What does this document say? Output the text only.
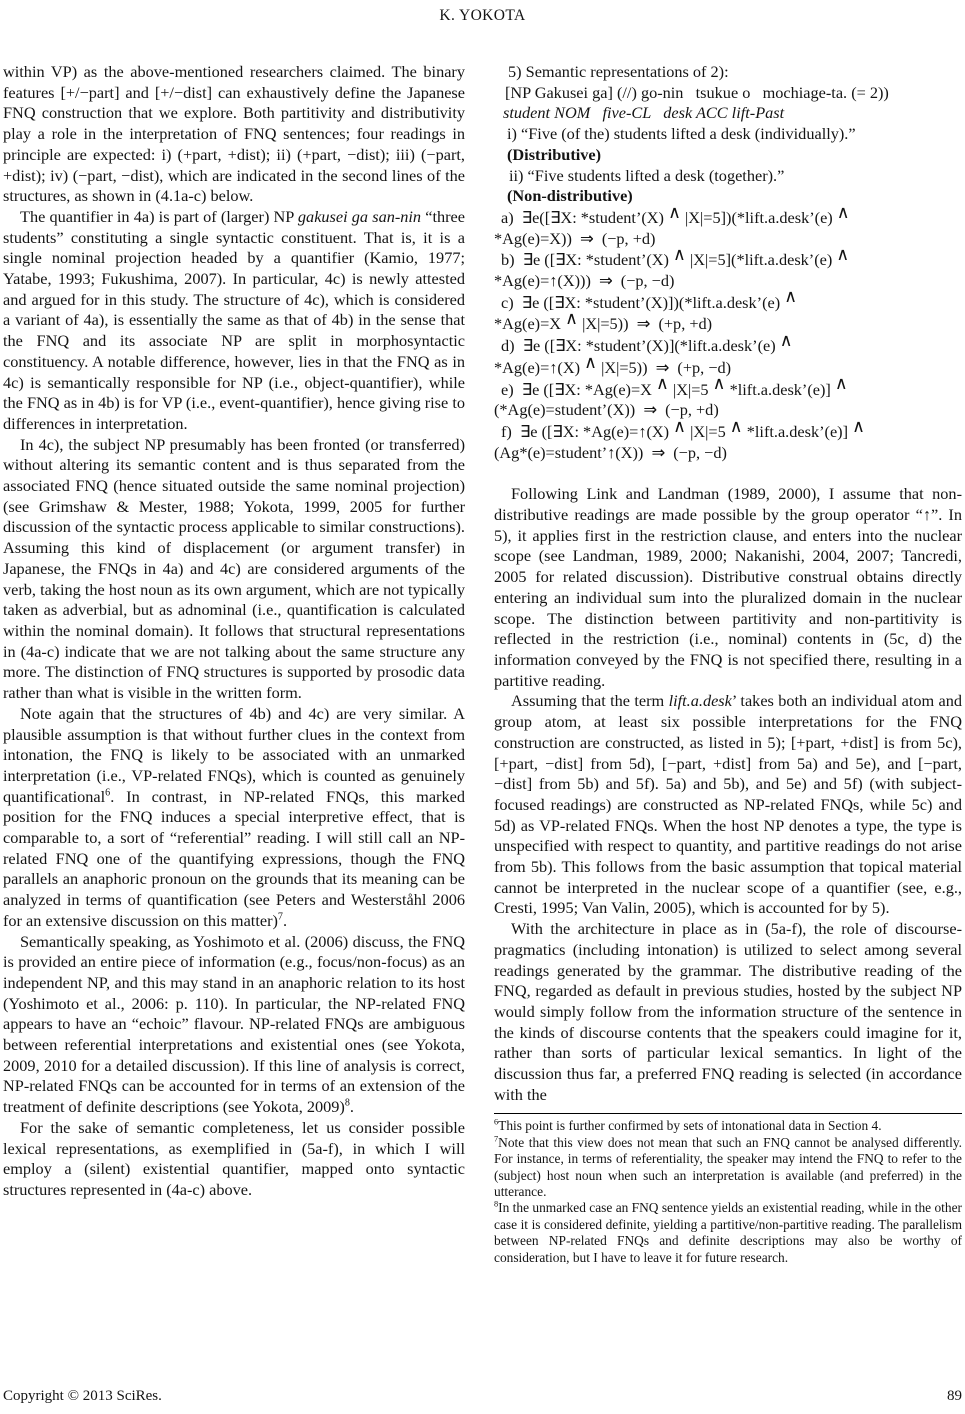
K. YOKOTA

within VP) as the above-mentioned researchers claimed. The binary features [+/−part] and [+/−dist] can exhaustively define the Japanese FNQ construction that we explore. Both partitivity and distributivity play a role in the interpretation of FNQ sentences; four readings in principle are expected: i) (+part, +dist); ii) (+part, −dist); iii) (−part, +dist); iv) (−part, −dist), which are indicated in the second lines of the structures, as shown in (4.1a-c) below.

The quantifier in 4a) is part of (larger) NP gakusei ga san-nin “three students” constituting a single syntactic constituent. That is, it is a single nominal projection headed by a quantifier (Kamio, 1977; Yatabe, 1993; Fukushima, 2007). In particular, 4c) is newly attested and argued for in this study. The structure of 4c), which is considered a variant of 4a), is essentially the same as that of 4b) in the sense that the FNQ and its associate NP are split in morphosyntactic constituency. A notable difference, however, lies in that the FNQ as in 4c) is semantically responsible for NP (i.e., object-quantifier), while the FNQ as in 4b) is for VP (i.e., event-quantifier), hence giving rise to differences in interpretation.

In 4c), the subject NP presumably has been fronted (or transferred) without altering its semantic content and is thus separated from the associated FNQ (hence situated outside the same nominal projection) (see Grimshaw & Mester, 1988; Yokota, 1999, 2005 for further discussion of the syntactic process applicable to similar constructions). Assuming this kind of displacement (or argument transfer) in Japanese, the FNQs in 4a) and 4c) are considered arguments of the verb, taking the host noun as its own argument, which are not typically taken as adverbial, but as adnominal (i.e., quantification is calculated within the nominal domain). It follows that structural representations in (4a-c) indicate that we are not talking about the same structure any more. The distinction of FNQ structures is supported by prosodic data rather than what is visible in the written form.

Note again that the structures of 4b) and 4c) are very similar. A plausible assumption is that without further clues in the context from intonation, the FNQ is likely to be associated with an unmarked interpretation (i.e., VP-related FNQs), which is counted as genuinely quantificational$^6$. In contrast, in NP-related FNQs, this marked position for the FNQ induces a special interpretive effect, that is comparable to, a sort of “referential” reading. I will still call an NP-related FNQ one of the quantifying expressions, though the FNQ parallels an anaphoric pronoun on the grounds that its meaning can be analyzed in terms of quantification (see Peters and Westerståhl 2006 for an extensive discussion on this matter)$^7$.

Semantically speaking, as Yoshimoto et al. (2006) discuss, the FNQ is provided an entire piece of information (e.g., focus/non-focus) as an independent NP, and this may stand in an anaphoric relation to its host (Yoshimoto et al., 2006: p. 110). In particular, the NP-related FNQ appears to have an “echoic” flavour. NP-related FNQs are ambiguous between referential interpretations and existential ones (see Yokota, 2009, 2010 for a detailed discussion). If this line of analysis is correct, NP-related FNQs can be accounted for in terms of an extension of the treatment of definite descriptions (see Yokota, 2009)$^8$.

For the sake of semantic completeness, let us consider possible lexical representations, as exemplified in (5a-f), in which I will employ a (silent) existential quantifier, mapped onto syntactic structures represented in (4a-c) above.

5) Semantic representations of 2):
[NP Gakusei ga] (//) go-nin   tsukue o   mochiage-ta. (= 2))
student NOM   five-CL   desk ACC lift-Past
i) “Five (of the) students lifted a desk (individually).”
(Distributive)
ii) “Five students lifted a desk (together).”
(Non-distributive)
a)  ∃e([∃X: *student’(X) ∧ |X|=5])(*lift.a.desk’(e) ∧
*Ag(e)=X))  ⇒  (−p, +d)
b)  ∃e ([∃X: *student’(X) ∧ |X|=5](*lift.a.desk’(e) ∧
*Ag(e)=↑(X)))  ⇒  (−p, −d)
c)  ∃e ([∃X: *student’(X)])(*lift.a.desk’(e) ∧
*Ag(e)=X ∧ |X|=5))  ⇒  (+p, +d)
d)  ∃e ([∃X: *student’(X)](*lift.a.desk’(e) ∧
*Ag(e)=↑(X) ∧ |X|=5))  ⇒  (+p, −d)
e)  ∃e ([∃X: *Ag(e)=X ∧ |X|=5 ∧ *lift.a.desk’(e)] ∧
(*Ag(e)=student’(X))  ⇒  (−p, +d)
f)  ∃e ([∃X: *Ag(e)=↑(X) ∧ |X|=5 ∧ *lift.a.desk’(e)] ∧
(Ag*(e)=student’↑(X))  ⇒  (−p, −d)

Following Link and Landman (1989, 2000), I assume that non-distributive readings are made possible by the group operator “↑”. In 5), it applies first in the restriction clause, and enters into the nuclear scope (see Landman, 1989, 2000; Nakanishi, 2004, 2007; Tancredi, 2005 for related discussion). Distributive construal obtains directly entering an individual sum into the pluralized domain in the nuclear scope. The distinction between partitivity and non-partitivity is reflected in the restriction (i.e., nominal) contents in (5c, d) the information conveyed by the FNQ is not specified there, resulting in a partitive reading.

Assuming that the term lift.a.desk’ takes both an individual atom and group atom, at least six possible interpretations for the FNQ construction are constructed, as listed in 5); [+part, +dist] is from 5c), [+part, −dist] from 5d), [−part, +dist] from 5a) and 5e), and [−part, −dist] from 5b) and 5f). 5a) and 5b), and 5e) and 5f) (with subject-focused readings) are constructed as NP-related FNQs, while 5c) and 5d) as VP-related FNQs. When the host NP denotes a type, the type is unspecified with respect to quantity, and partitive readings do not arise from 5b). This follows from the basic assumption that topical material cannot be interpreted in the nuclear scope of a quantifier (see, e.g., Cresti, 1995; Van Valin, 2005), which is accounted for by 5).

With the architecture in place as in (5a-f), the role of discourse-pragmatics (including intonation) is utilized to select among several readings generated by the grammar. The distributive reading of the FNQ, regarded as default in previous studies, hosted by the subject NP would simply follow from the information structure of the sentence in the kinds of discourse contents that the speakers could imagine for it, rather than sorts of particular lexical semantics. In light of the discussion thus far, a preferred FNQ reading is selected (in accordance with the

$^6$This point is further confirmed by sets of intonational data in Section 4.

$^7$Note that this view does not mean that such an FNQ cannot be analysed differently. For instance, in terms of referentiality, the speaker may intend the FNQ to refer to the (subject) host noun when such an interpretation is available (and preferred) in the utterance.

$^8$In the unmarked case an FNQ sentence yields an existential reading, while in the other case it is considered definite, yielding a partitive/non-partitive reading. The parallelism between NP-related FNQs and definite descriptions may also be worthy of consideration, but I have to leave it for future research.

Copyright © 2013 SciRes.	89
